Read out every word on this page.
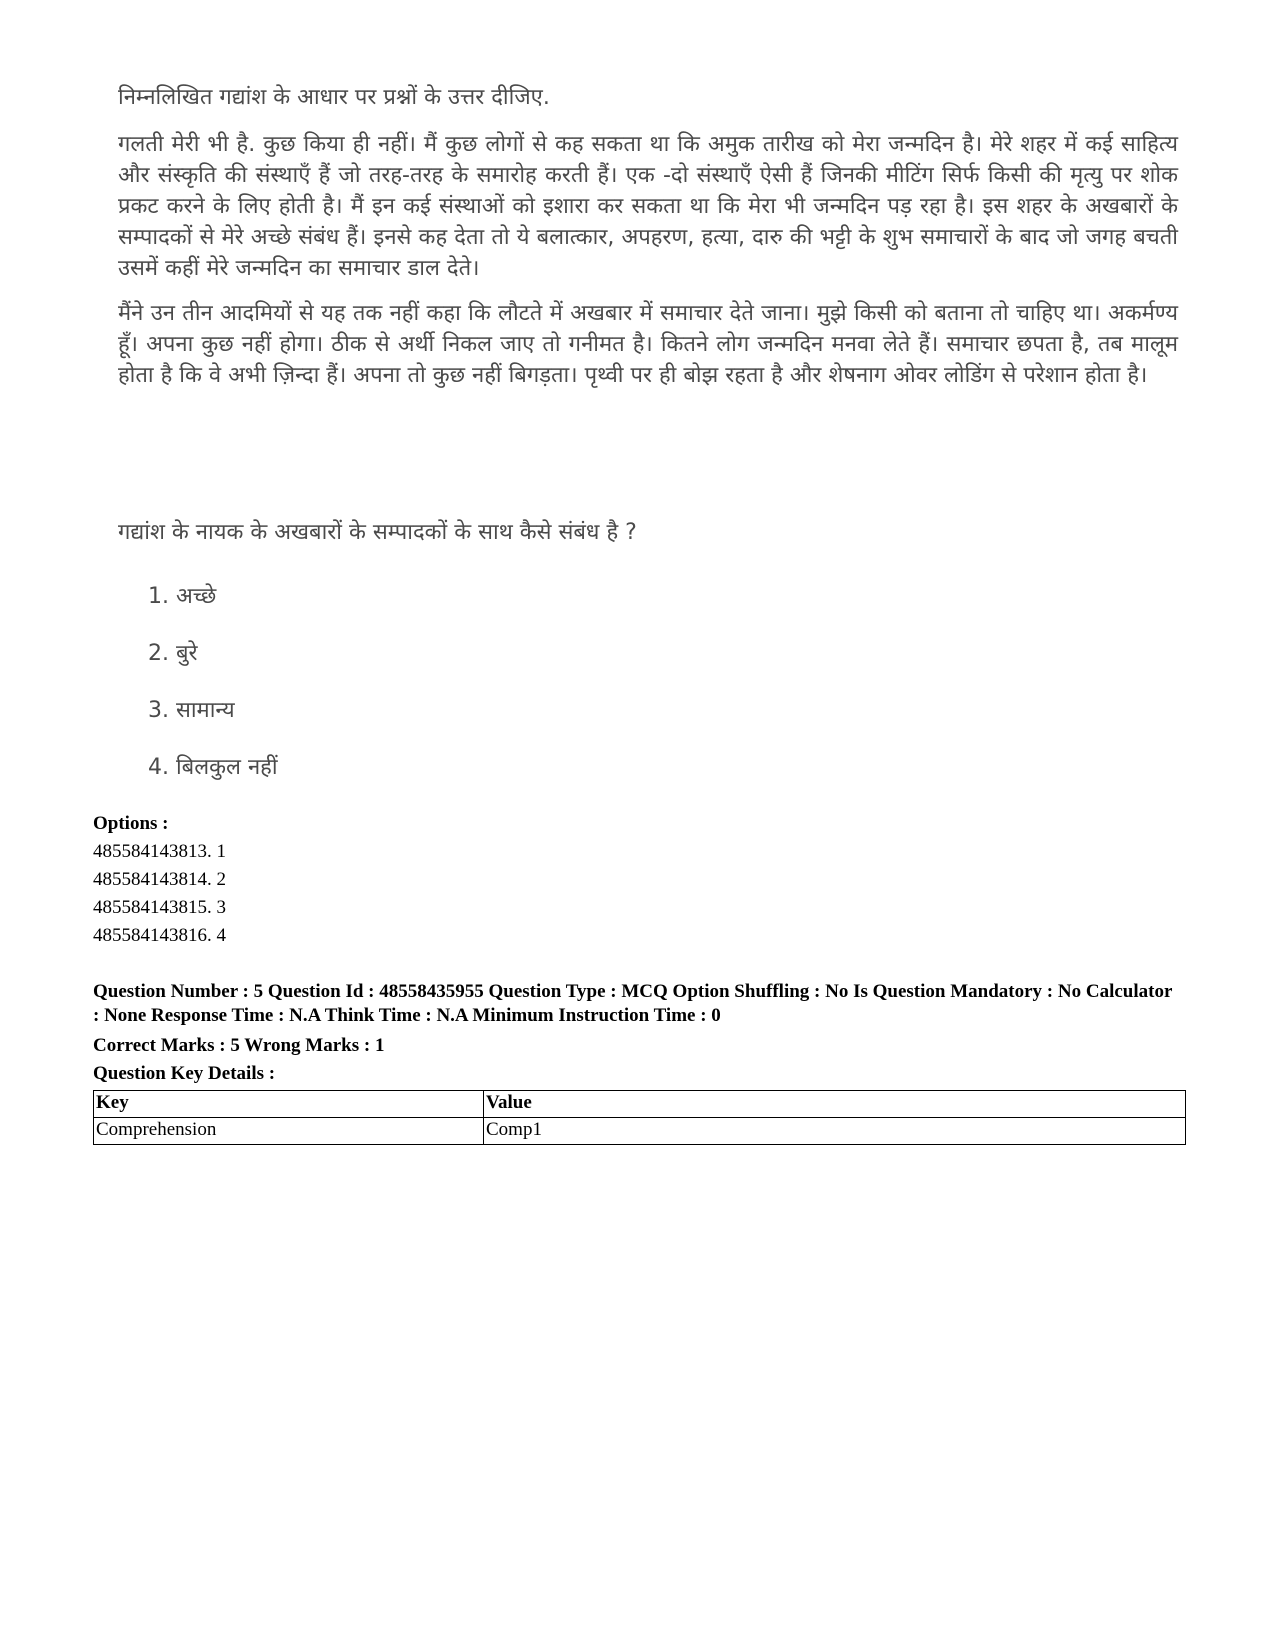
निम्नलिखित गद्यांश के आधार पर प्रश्नों के उत्तर दीजिए.

गलती मेरी भी है. कुछ किया ही नहीं। मैं कुछ लोगों से कह सकता था कि अमुक तारीख को मेरा जन्मदिन है। मेरे शहर में कई साहित्य और संस्कृति की संस्थाएँ हैं जो तरह-तरह के समारोह करती हैं। एक -दो संस्थाएँ ऐसी हैं जिनकी मीटिंग सिर्फ किसी की मृत्यु पर शोक प्रकट करने के लिए होती है। मैं इन कई संस्थाओं को इशारा कर सकता था कि मेरा भी जन्मदिन पड़ रहा है। इस शहर के अखबारों के सम्पादकों से मेरे अच्छे संबंध हैं। इनसे कह देता तो ये बलात्कार, अपहरण, हत्या, दारु की भट्टी के शुभ समाचारों के बाद जो जगह बचती उसमें कहीं मेरे जन्मदिन का समाचार डाल देते।

मैंने उन तीन आदमियों से यह तक नहीं कहा कि लौटते में अखबार में समाचार देते जाना। मुझे किसी को बताना तो चाहिए था। अकर्मण्य हूँ। अपना कुछ नहीं होगा। ठीक से अर्थी निकल जाए तो गनीमत है। कितने लोग जन्मदिन मनवा लेते हैं। समाचार छपता है, तब मालूम होता है कि वे अभी ज़िन्दा हैं। अपना तो कुछ नहीं बिगड़ता। पृथ्वी पर ही बोझ रहता है और शेषनाग ओवर लोडिंग से परेशान होता है।

गद्यांश के नायक के अखबारों के सम्पादकों के साथ कैसे संबंध है ?
1. अच्छे
2. बुरे
3. सामान्य
4. बिलकुल नहीं
Options :
485584143813. 1
485584143814. 2
485584143815. 3
485584143816. 4
Question Number : 5 Question Id : 48558435955 Question Type : MCQ Option Shuffling : No Is Question Mandatory : No Calculator : None Response Time : N.A Think Time : N.A Minimum Instruction Time : 0
Correct Marks : 5 Wrong Marks : 1
Question Key Details :
Key	Value
Comprehension	Comp1
